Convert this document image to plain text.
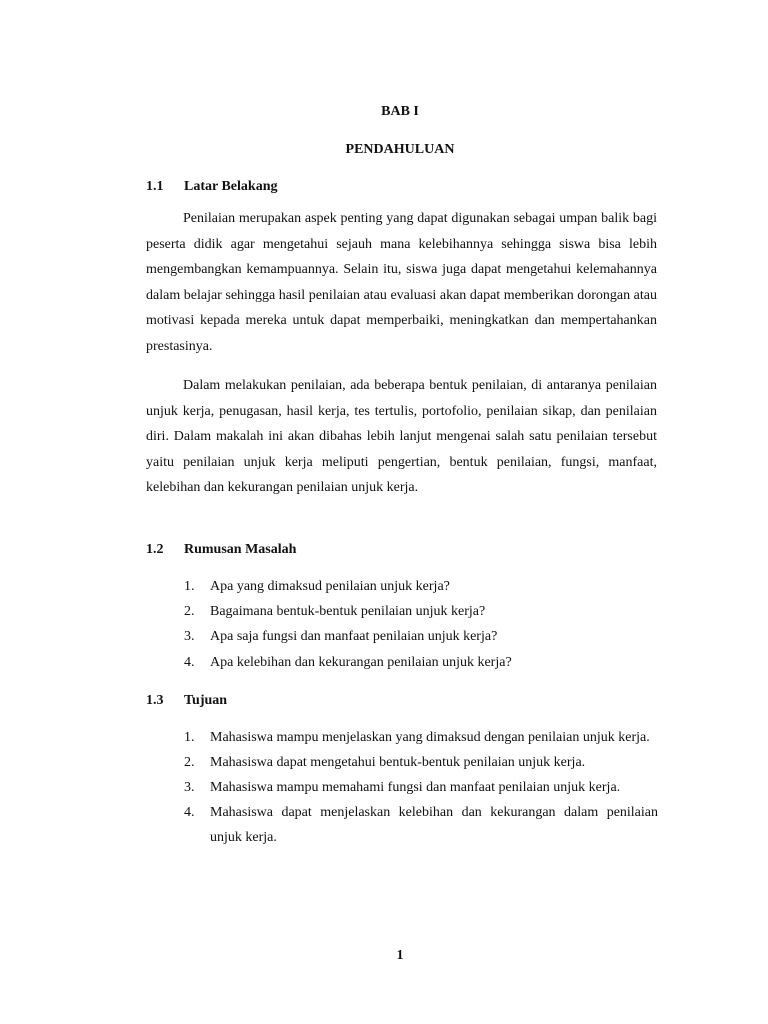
BAB I
PENDAHULUAN
1.1 Latar Belakang

Penilaian merupakan aspek penting yang dapat digunakan sebagai umpan balik bagi peserta didik agar mengetahui sejauh mana kelebihannya sehingga siswa bisa lebih mengembangkan kemampuannya. Selain itu, siswa juga dapat mengetahui kelemahannya dalam belajar sehingga hasil penilaian atau evaluasi akan dapat memberikan dorongan atau motivasi kepada mereka untuk dapat memperbaiki, meningkatkan dan mempertahankan prestasinya.

Dalam melakukan penilaian, ada beberapa bentuk penilaian, di antaranya penilaian unjuk kerja, penugasan, hasil kerja, tes tertulis, portofolio, penilaian sikap, dan penilaian diri. Dalam makalah ini akan dibahas lebih lanjut mengenai salah satu penilaian tersebut yaitu penilaian unjuk kerja meliputi pengertian, bentuk penilaian, fungsi, manfaat, kelebihan dan kekurangan penilaian unjuk kerja.

1.2 Rumusan Masalah
1. Apa yang dimaksud penilaian unjuk kerja?
2. Bagaimana bentuk-bentuk penilaian unjuk kerja?
3. Apa saja fungsi dan manfaat penilaian unjuk kerja?
4. Apa kelebihan dan kekurangan penilaian unjuk kerja?
1.3 Tujuan
1. Mahasiswa mampu menjelaskan yang dimaksud dengan penilaian unjuk kerja.
2. Mahasiswa dapat mengetahui bentuk-bentuk penilaian unjuk kerja.
3. Mahasiswa mampu memahami fungsi dan manfaat penilaian unjuk kerja.
4. Mahasiswa dapat menjelaskan kelebihan dan kekurangan dalam penilaian unjuk kerja.
1
